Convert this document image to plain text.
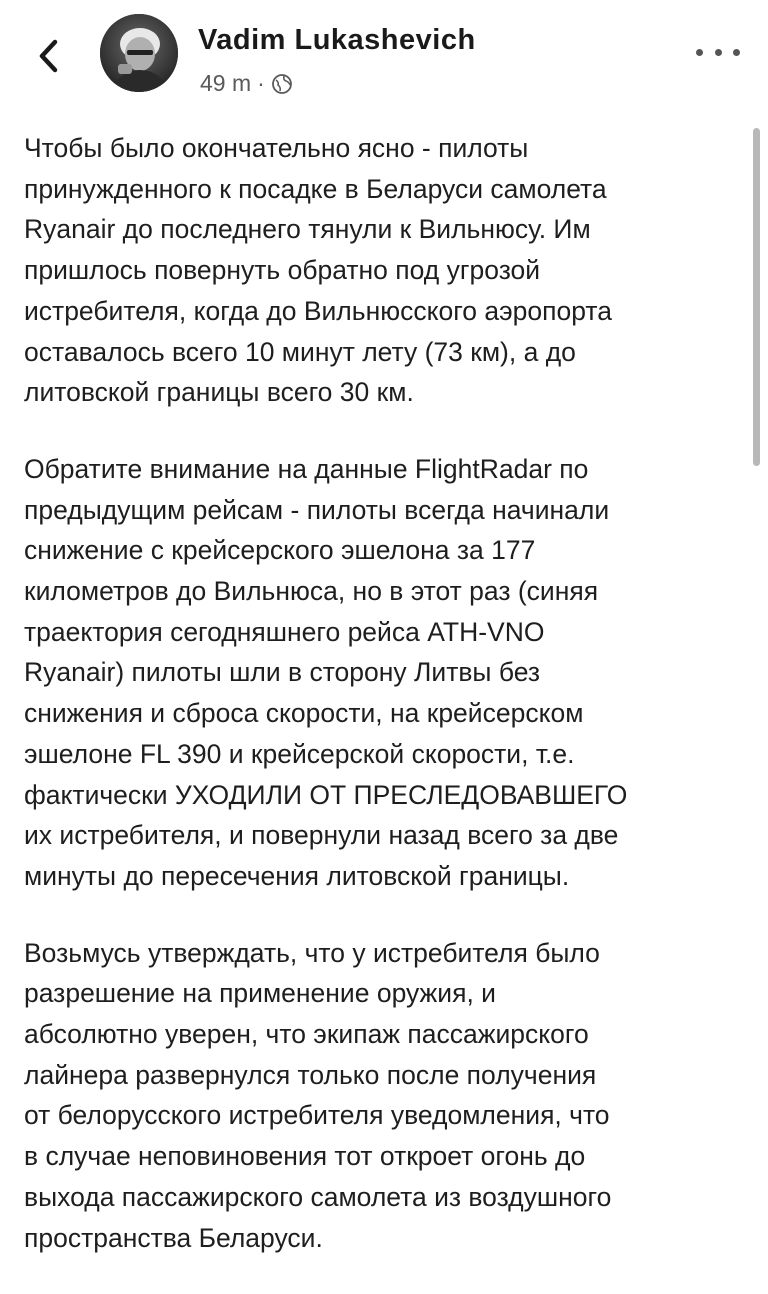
Vadim Lukashevich
49 m ·

Чтобы было окончательно ясно - пилоты
принужденного к посадке в Беларуси самолета
Ryanair до последнего тянули к Вильнюсу. Им
пришлось повернуть обратно под угрозой
истребителя, когда до Вильнюсского аэропорта
оставалось всего 10 минут лету (73 км), а до
литовской границы всего 30 км.

Обратите внимание на данные FlightRadar по
предыдущим рейсам - пилоты всегда начинали
снижение с крейсерского эшелона за 177
километров до Вильнюса, но в этот раз (синяя
траектория сегодняшнего рейса ATH-VNO
Ryanair) пилоты шли в сторону Литвы без
снижения и сброса скорости, на крейсерском
эшелоне FL 390 и крейсерской скорости, т.е.
фактически УХОДИЛИ ОТ ПРЕСЛЕДОВАВШЕГО
их истребителя, и повернули назад всего за две
минуты до пересечения литовской границы.

Возьмусь утверждать, что у истребителя было
разрешение на применение оружия, и
абсолютно уверен, что экипаж пассажирского
лайнера развернулся только после получения
от белорусского истребителя уведомления, что
в случае неповиновения тот откроет огонь до
выхода пассажирского самолета из воздушного
пространства Беларуси.
